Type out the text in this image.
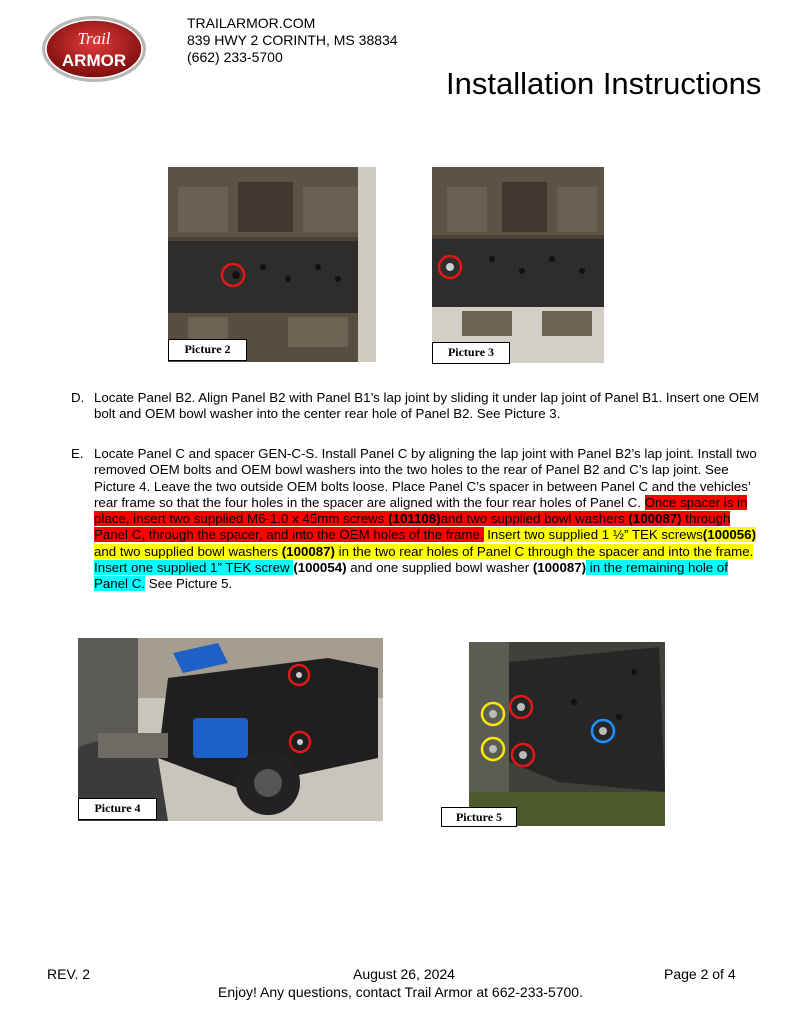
Trail
ARMOR
TRAILARMOR.COM
839 HWY 2 CORINTH, MS 38834
(662) 233-5700
Installation Instructions
Picture 2	Picture 3
D. Locate Panel B2. Align Panel B2 with Panel B1’s lap joint by sliding it under lap joint of Panel B1. Insert one OEM bolt and OEM bowl washer into the center rear hole of Panel B2. See Picture 3.
E. Locate Panel C and spacer GEN-C-S. Install Panel C by aligning the lap joint with Panel B2’s lap joint. Install two removed OEM bolts and OEM bowl washers into the two holes to the rear of Panel B2 and C’s lap joint. See Picture 4. Leave the two outside OEM bolts loose. Place Panel C’s spacer in between Panel C and the vehicles’ rear frame so that the four holes in the spacer are aligned with the four rear holes of Panel C. Once spacer is in place, insert two supplied M6-1.0 x 45mm screws (101108)and two supplied bowl washers (100087) through Panel C, through the spacer, and into the OEM holes of the frame. Insert two supplied 1 ½” TEK screws(100056) and two supplied bowl washers (100087) in the two rear holes of Panel C through the spacer and into the frame. Insert one supplied 1” TEK screw (100054) and one supplied bowl washer (100087) in the remaining hole of Panel C. See Picture 5.
Picture 4
Picture 5
REV. 2	August 26, 2024	Page 2 of 4
Enjoy! Any questions, contact Trail Armor at 662-233-5700.
